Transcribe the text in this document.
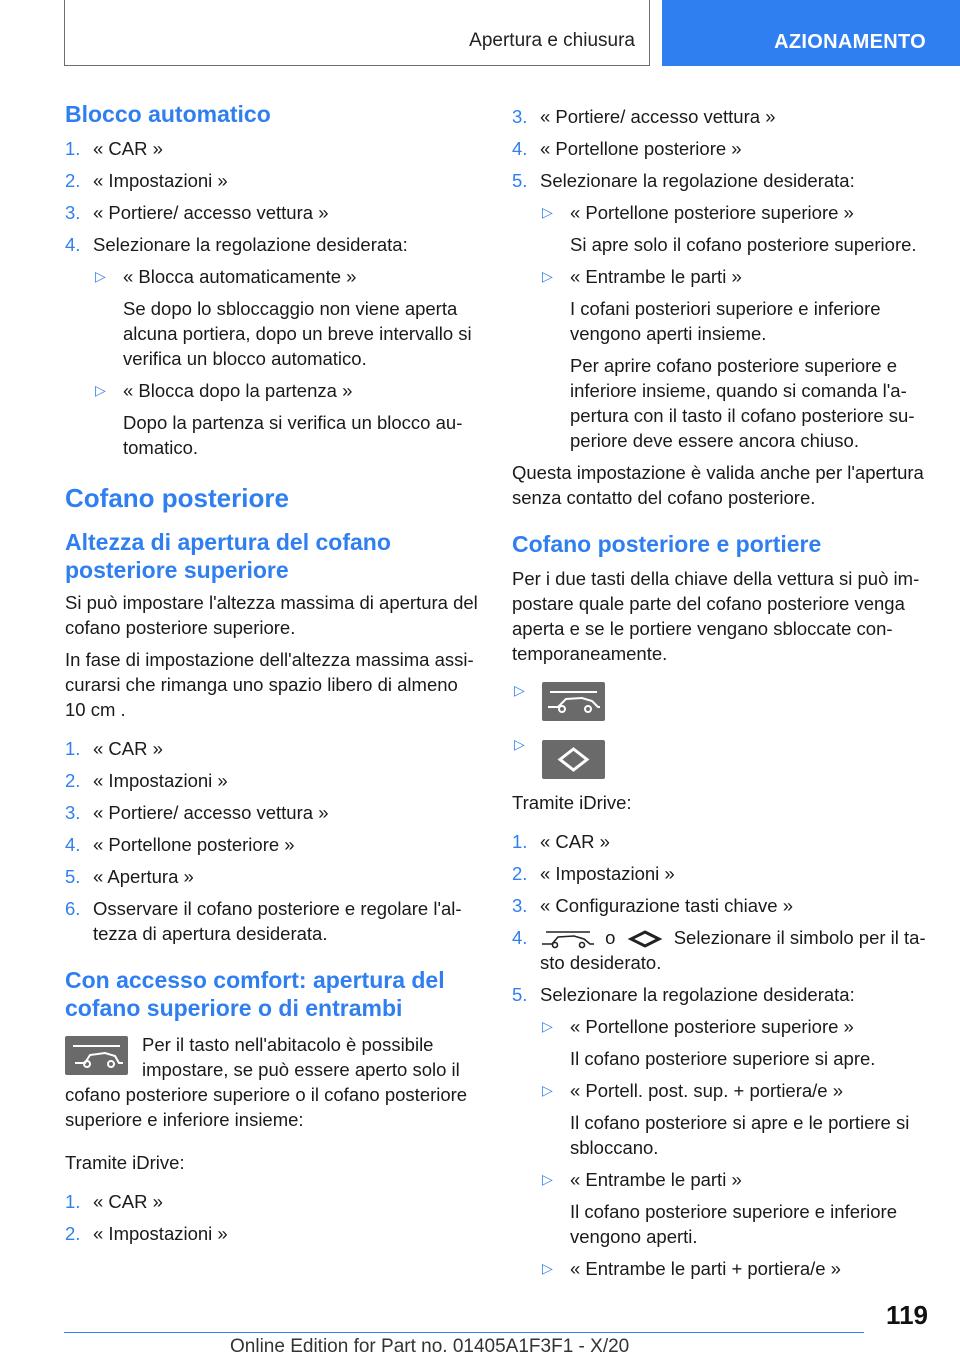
Apertura e chiusura	AZIONAMENTO
Blocco automatico
1. « CAR »
2. « Impostazioni »
3. « Portiere/ accesso vettura »
4. Selezionare la regolazione desiderata:
▷ « Blocca automaticamente »
Se dopo lo sbloccaggio non viene aperta alcuna portiera, dopo un breve intervallo si verifica un blocco automatico.
▷ « Blocca dopo la partenza »
Dopo la partenza si verifica un blocco automatico.
Cofano posteriore
Altezza di apertura del cofano posteriore superiore
Si può impostare l'altezza massima di apertura del cofano posteriore superiore.
In fase di impostazione dell'altezza massima assicurarsi che rimanga uno spazio libero di almeno 10 cm .
1. « CAR »
2. « Impostazioni »
3. « Portiere/ accesso vettura »
4. « Portellone posteriore »
5. « Apertura »
6. Osservare il cofano posteriore e regolare l'altezza di apertura desiderata.
Con accesso comfort: apertura del cofano superiore o di entrambi
Per il tasto nell'abitacolo è possibile impostare, se può essere aperto solo il cofano posteriore superiore o il cofano posteriore superiore e inferiore insieme:
Tramite iDrive:
1. « CAR »
2. « Impostazioni »
3. « Portiere/ accesso vettura »
4. « Portellone posteriore »
5. Selezionare la regolazione desiderata:
▷ « Portellone posteriore superiore »
Si apre solo il cofano posteriore superiore.
▷ « Entrambe le parti »
I cofani posteriori superiore e inferiore vengono aperti insieme.
Per aprire cofano posteriore superiore e inferiore insieme, quando si comanda l'apertura con il tasto il cofano posteriore superiore deve essere ancora chiuso.
Questa impostazione è valida anche per l'apertura senza contatto del cofano posteriore.
Cofano posteriore e portiere
Per i due tasti della chiave della vettura si può impostare quale parte del cofano posteriore venga aperta e se le portiere vengano sbloccate contemporaneamente.
▷
▷
Tramite iDrive:
1. « CAR »
2. « Impostazioni »
3. « Configurazione tasti chiave »
4.	o	Selezionare il simbolo per il tasto desiderato.
5. Selezionare la regolazione desiderata:
▷ « Portellone posteriore superiore »
Il cofano posteriore superiore si apre.
▷ « Portell. post. sup. + portiera/e »
Il cofano posteriore si apre e le portiere si sbloccano.
▷ « Entrambe le parti »
Il cofano posteriore superiore e inferiore vengono aperti.
▷ « Entrambe le parti + portiera/e »
119
Online Edition for Part no. 01405A1F3F1 - X/20
